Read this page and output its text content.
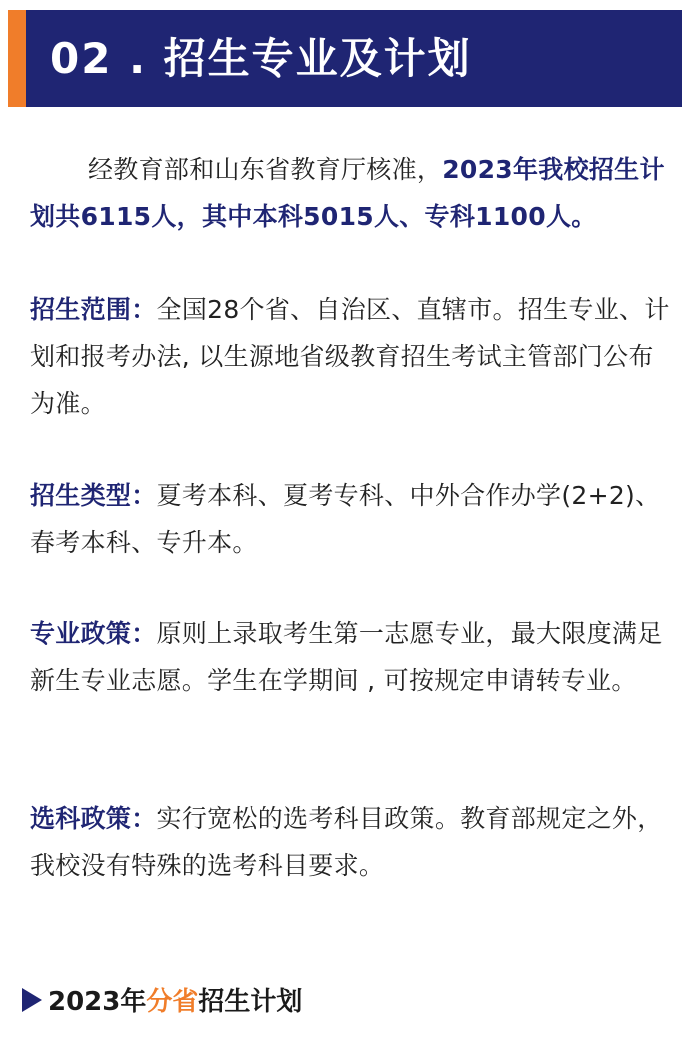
02 . 招生专业及计划
经教育部和山东省教育厅核准，2023年我校招生计划共6115人，其中本科5015人、专科1100人。
招生范围：全国28个省、自治区、直辖市。招生专业、计划和报考办法, 以生源地省级教育招生考试主管部门公布为准。
招生类型：夏考本科、夏考专科、中外合作办学(2+2)、春考本科、专升本。
专业政策：原则上录取考生第一志愿专业，最大限度满足新生专业志愿。学生在学期间 , 可按规定申请转专业。
选科政策：实行宽松的选考科目政策。教育部规定之外，我校没有特殊的选考科目要求。
2023年分省招生计划
